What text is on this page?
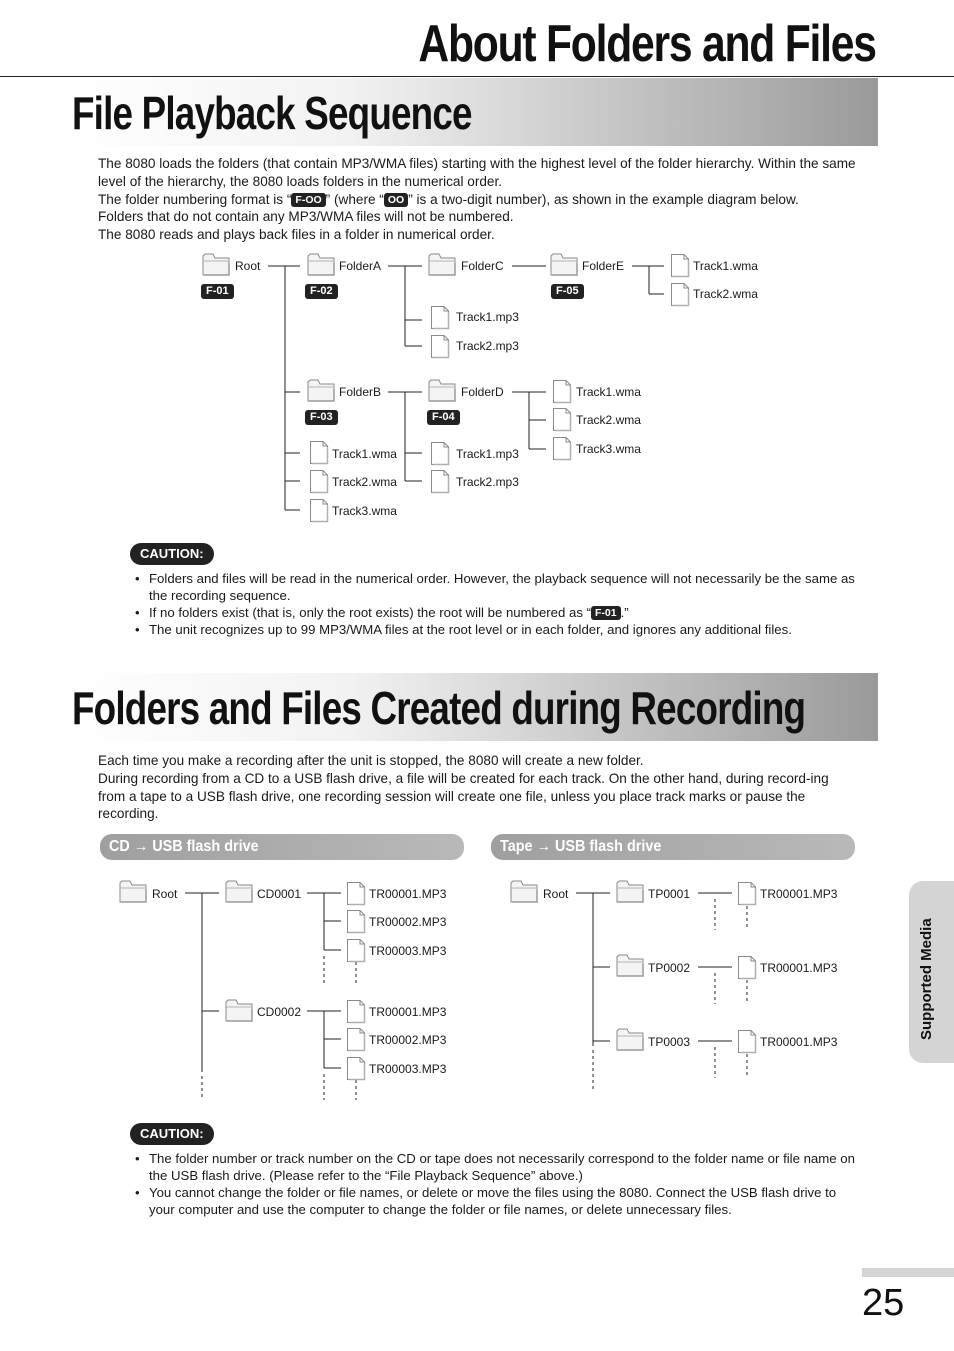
About Folders and Files
File Playback Sequence

The 8080 loads the folders (that contain MP3/WMA files) starting with the highest level of the folder hierarchy. Within the same level of the hierarchy, the 8080 loads folders in the numerical order.

The folder numbering format is “ F-OO ” (where “ OO ” is a two-digit number), as shown in the example diagram below.

Folders that do not contain any MP3/WMA files will not be numbered.

The 8080 reads and plays back files in a folder in numerical order.

Root	FolderA	FolderC	FolderE	Track1.wma
Track2.wma
Track1.mp3
Track2.mp3
FolderB	FolderD	Track1.wma
Track2.wma
Track3.wma
Track1.mp3
Track2.mp3
Track1.wma
Track2.wma
Track3.wma
Root	CD0001	TR00001.MP3
TR00002.MP3
TR00003.MP3
CD0002	TR00001.MP3
TR00002.MP3
TR00003.MP3
Root	TP0001	TR00001.MP3
TP0002	TR00001.MP3
TP0003	TR00001.MP3
F-01	F-02	F-05
F-03	F-04
CAUTION:
• Folders and files will be read in the numerical order. However, the playback sequence will not necessarily be the same as the recording sequence.
• If no folders exist (that is, only the root exists) the root will be numbered as “ F-01 .”
• The unit recognizes up to 99 MP3/WMA files at the root level or in each folder, and ignores any additional files.
Folders and Files Created during Recording

Each time you make a recording after the unit is stopped, the 8080 will create a new folder.

During recording from a CD to a USB flash drive, a file will be created for each track. On the other hand, during record-ing from a tape to a USB flash drive, one recording session will create one file, unless you place track marks or pause the recording.

CD → USB flash drive	Tape → USB flash drive
CAUTION:
• The folder number or track number on the CD or tape does not necessarily correspond to the folder name or file name on the USB flash drive. (Please refer to the “File Playback Sequence” above.)
• You cannot change the folder or file names, or delete or move the files using the 8080. Connect the USB flash drive to your computer and use the computer to change the folder or file names, or delete unnecessary files.
Supported Media
25
